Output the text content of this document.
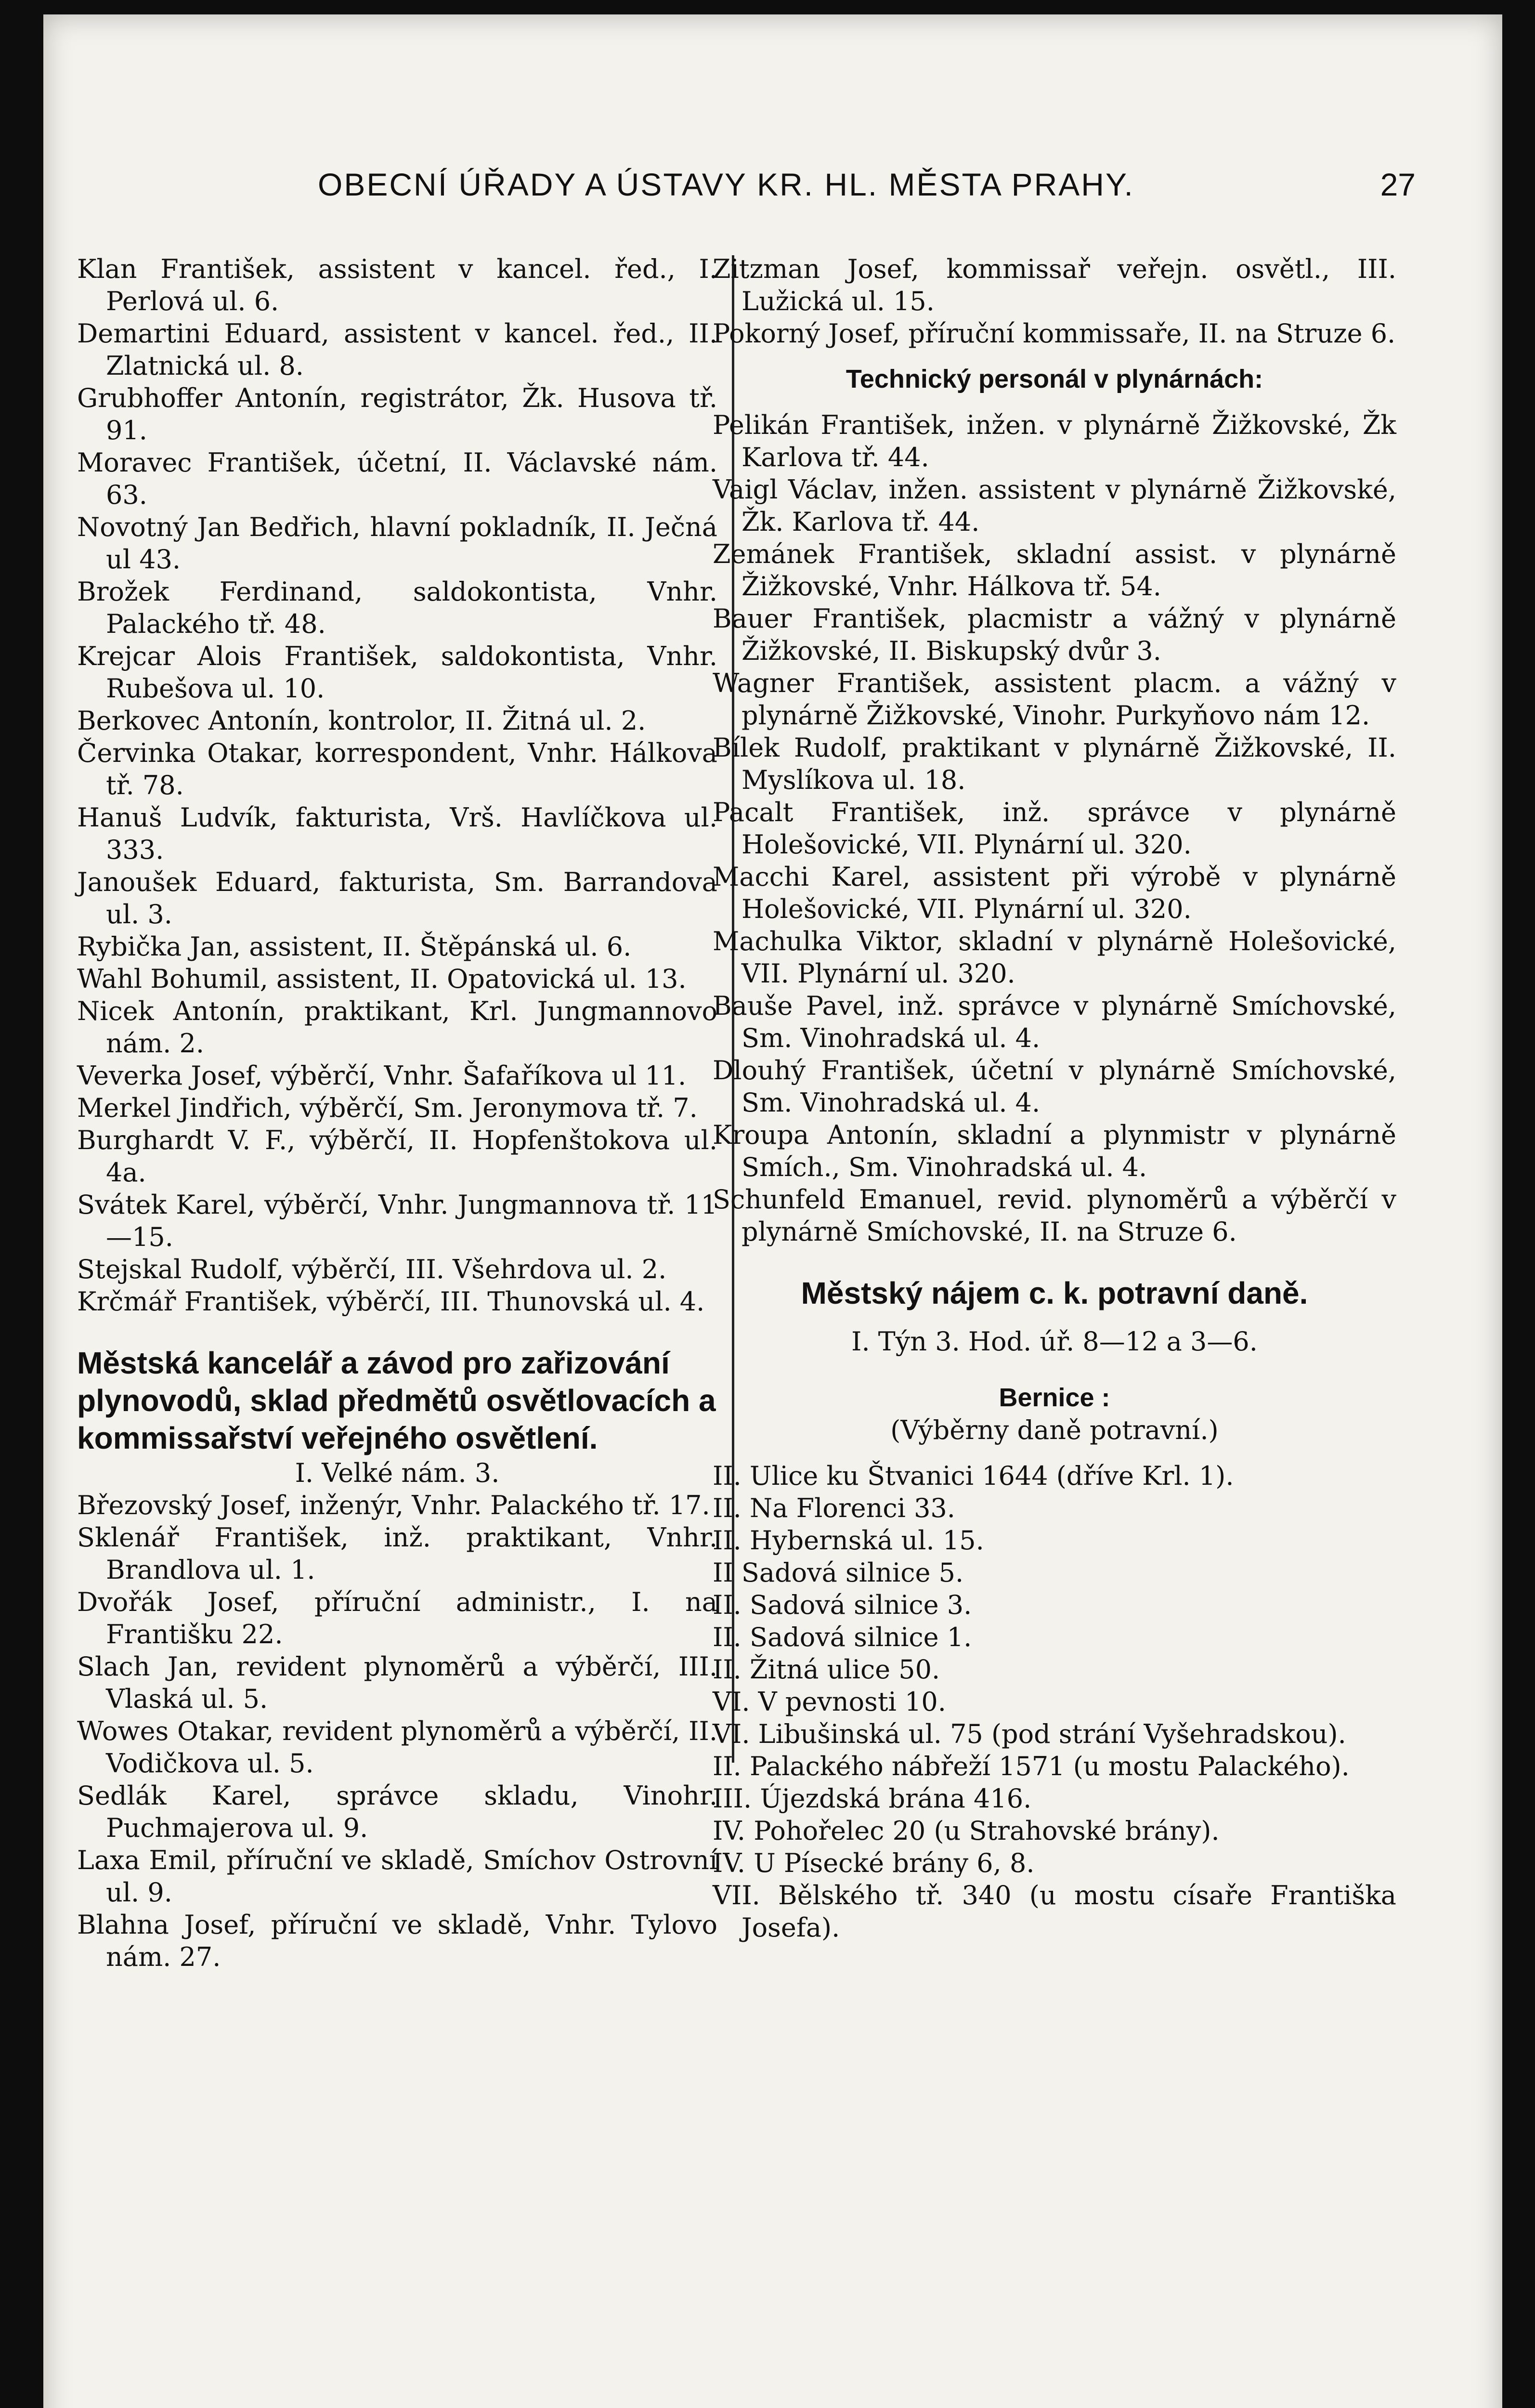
OBECNÍ ÚŘADY A ÚSTAVY KR. HL. MĚSTA PRAHY.	27
Klan František, assistent v kancel. řed., I. Perlová ul. 6.
Demartini Eduard, assistent v kancel. řed., II. Zlatnická ul. 8.
Grubhoffer Antonín, registrátor, Žk. Husova tř. 91.
Moravec František, účetní, II. Václavské nám. 63.
Novotný Jan Bedřich, hlavní pokladník, II. Ječná ul 43.
Brožek Ferdinand, saldokontista, Vnhr. Palackého tř. 48.
Krejcar Alois František, saldokontista, Vnhr. Rubešova ul. 10.
Berkovec Antonín, kontrolor, II. Žitná ul. 2.
Červinka Otakar, korrespondent, Vnhr. Hálkova tř. 78.
Hanuš Ludvík, fakturista, Vrš. Havlíčkova ul. 333.
Janoušek Eduard, fakturista, Sm. Barrandova ul. 3.
Rybička Jan, assistent, II. Štěpánská ul. 6.
Wahl Bohumil, assistent, II. Opatovická ul. 13.
Nicek Antonín, praktikant, Krl. Jungmannovo nám. 2.
Veverka Josef, výběrčí, Vnhr. Šafaříkova ul 11.
Merkel Jindřich, výběrčí, Sm. Jeronymova tř. 7.
Burghardt V. F., výběrčí, II. Hopfenštokova ul. 4a.
Svátek Karel, výběrčí, Vnhr. Jungmannova tř. 11—15.
Stejskal Rudolf, výběrčí, III. Všehrdova ul. 2.
Krčmář František, výběrčí, III. Thunovská ul. 4.
Městská kancelář a závod pro zařizování plynovodů, sklad předmětů osvětlovacích a kommissařství veřejného osvětlení.
I. Velké nám. 3.
Březovský Josef, inženýr, Vnhr. Palackého tř. 17.
Sklenář František, inž. praktikant, Vnhr. Brandlova ul. 1.
Dvořák Josef, příruční administr., I. na Františku 22.
Slach Jan, revident plynoměrů a výběrčí, III. Vlaská ul. 5.
Wowes Otakar, revident plynoměrů a výběrčí, II. Vodičkova ul. 5.
Sedlák Karel, správce skladu, Vinohr. Puchmajerova ul. 9.
Laxa Emil, příruční ve skladě, Smíchov Ostrovní ul. 9.
Blahna Josef, příruční ve skladě, Vnhr. Tylovo nám. 27.
Zitzman Josef, kommissař veřejn. osvětl., III. Lužická ul. 15.
Pokorný Josef, příruční kommissaře, II. na Struze 6.
Technický personál v plynárnách:
Pelikán František, inžen. v plynárně Žižkovské, Žk Karlova tř. 44.
Vaigl Václav, inžen. assistent v plynárně Žižkovské, Žk. Karlova tř. 44.
Zemánek František, skladní assist. v plynárně Žižkovské, Vnhr. Hálkova tř. 54.
Bauer František, placmistr a vážný v plynárně Žižkovské, II. Biskupský dvůr 3.
Wagner František, assistent placm. a vážný v plynárně Žižkovské, Vinohr. Purkyňovo nám 12.
Bílek Rudolf, praktikant v plynárně Žižkovské, II. Myslíkova ul. 18.
Pacalt František, inž. správce v plynárně Holešovické, VII. Plynární ul. 320.
Macchi Karel, assistent při výrobě v plynárně Holešovické, VII. Plynární ul. 320.
Machulka Viktor, skladní v plynárně Holešovické, VII. Plynární ul. 320.
Bauše Pavel, inž. správce v plynárně Smíchovské, Sm. Vinohradská ul. 4.
Dlouhý František, účetní v plynárně Smíchovské, Sm. Vinohradská ul. 4.
Kroupa Antonín, skladní a plynmistr v plynárně Smích., Sm. Vinohradská ul. 4.
Schunfeld Emanuel, revid. plynoměrů a výběrčí v plynárně Smíchovské, II. na Struze 6.
Městský nájem c. k. potravní daně.
I. Týn 3. Hod. úř. 8—12 a 3—6.
Bernice :
(Výběrny daně potravní.)
II. Ulice ku Štvanici 1644 (dříve Krl. 1).
II. Na Florenci 33.
II. Hybernská ul. 15.
II Sadová silnice 5.
II. Sadová silnice 3.
II. Sadová silnice 1.
II. Žitná ulice 50.
VI. V pevnosti 10.
VI. Libušinská ul. 75 (pod strání Vyšehradskou).
II. Palackého nábřeží 1571 (u mostu Palackého).
III. Újezdská brána 416.
IV. Pohořelec 20 (u Strahovské brány).
IV. U Písecké brány 6, 8.
VII. Bělského tř. 340 (u mostu císaře Františka Josefa).
